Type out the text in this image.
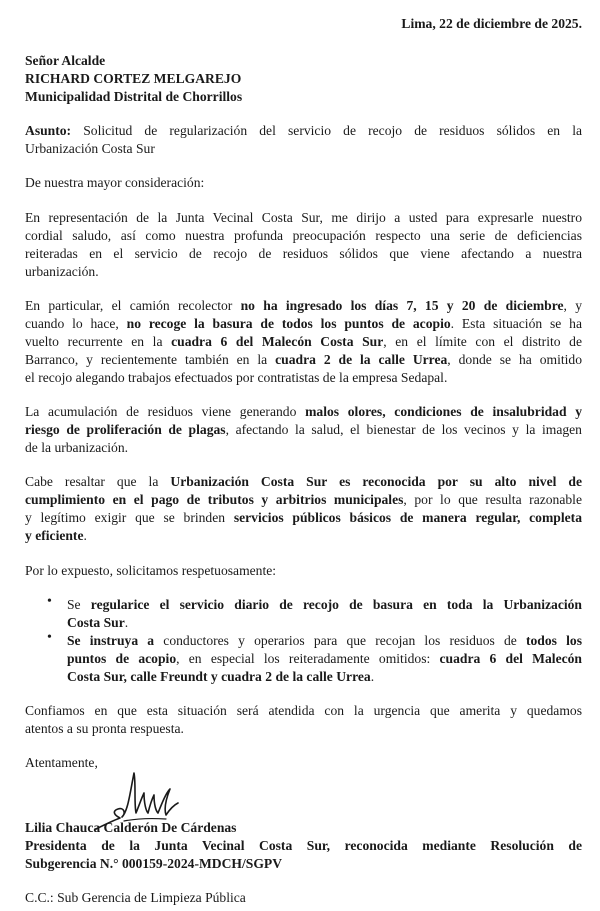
Lima, 22 de diciembre de 2025.
Señor Alcalde
RICHARD CORTEZ MELGAREJO
Municipalidad Distrital de Chorrillos
Asunto: Solicitud de regularización del servicio de recojo de residuos sólidos en la
Urbanización Costa Sur
De nuestra mayor consideración:
En representación de la Junta Vecinal Costa Sur, me dirijo a usted para expresarle nuestro
cordial saludo, así como nuestra profunda preocupación respecto una serie de deficiencias
reiteradas en el servicio de recojo de residuos sólidos que viene afectando a nuestra
urbanización.
En particular, el camión recolector no ha ingresado los días 7, 15 y 20 de diciembre, y
cuando lo hace, no recoge la basura de todos los puntos de acopio. Esta situación se ha
vuelto recurrente en la cuadra 6 del Malecón Costa Sur, en el límite con el distrito de
Barranco, y recientemente también en la cuadra 2 de la calle Urrea, donde se ha omitido
el recojo alegando trabajos efectuados por contratistas de la empresa Sedapal.
La acumulación de residuos viene generando malos olores, condiciones de insalubridad y
riesgo de proliferación de plagas, afectando la salud, el bienestar de los vecinos y la imagen
de la urbanización.
Cabe resaltar que la Urbanización Costa Sur es reconocida por su alto nivel de
cumplimiento en el pago de tributos y arbitrios municipales, por lo que resulta razonable
y legítimo exigir que se brinden servicios públicos básicos de manera regular, completa
y eficiente.
Por lo expuesto, solicitamos respetuosamente:
• Se regularice el servicio diario de recojo de basura en toda la Urbanización
Costa Sur.
• Se instruya a conductores y operarios para que recojan los residuos de todos los
puntos de acopio, en especial los reiteradamente omitidos: cuadra 6 del Malecón
Costa Sur, calle Freundt y cuadra 2 de la calle Urrea.
Confiamos en que esta situación será atendida con la urgencia que amerita y quedamos
atentos a su pronta respuesta.
Atentamente,
Lilia Chauca Calderón De Cárdenas
Presidenta de la Junta Vecinal Costa Sur, reconocida mediante Resolución de
Subgerencia N.° 000159-2024-MDCH/SGPV
C.C.: Sub Gerencia de Limpieza Pública
